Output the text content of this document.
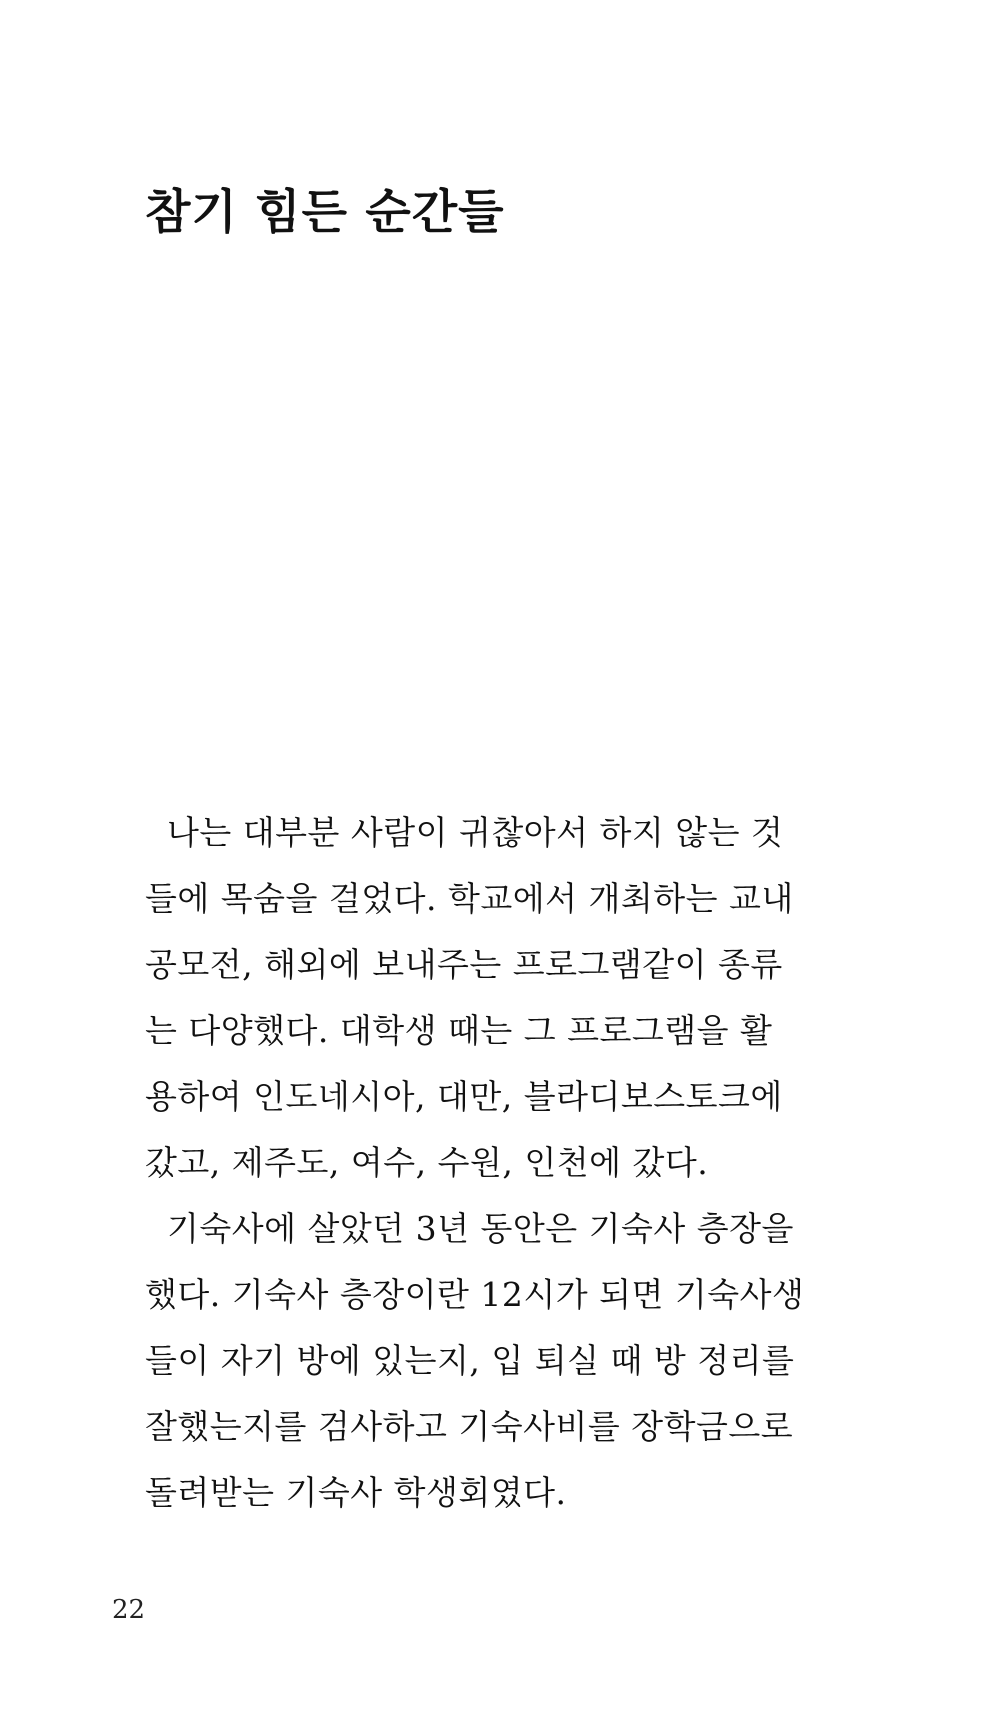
참기 힘든 순간들

나는 대부분 사람이 귀찮아서 하지 않는 것
들에 목숨을 걸었다. 학교에서 개최하는 교내
공모전, 해외에 보내주는 프로그램같이 종류
는 다양했다. 대학생 때는 그 프로그램을 활
용하여 인도네시아, 대만, 블라디보스토크에
갔고, 제주도, 여수, 수원, 인천에 갔다.

기숙사에 살았던 3년 동안은 기숙사 층장을
했다. 기숙사 층장이란 12시가 되면 기숙사생
들이 자기 방에 있는지, 입 퇴실 때 방 정리를
잘했는지를 검사하고 기숙사비를 장학금으로
돌려받는 기숙사 학생회였다.

22
